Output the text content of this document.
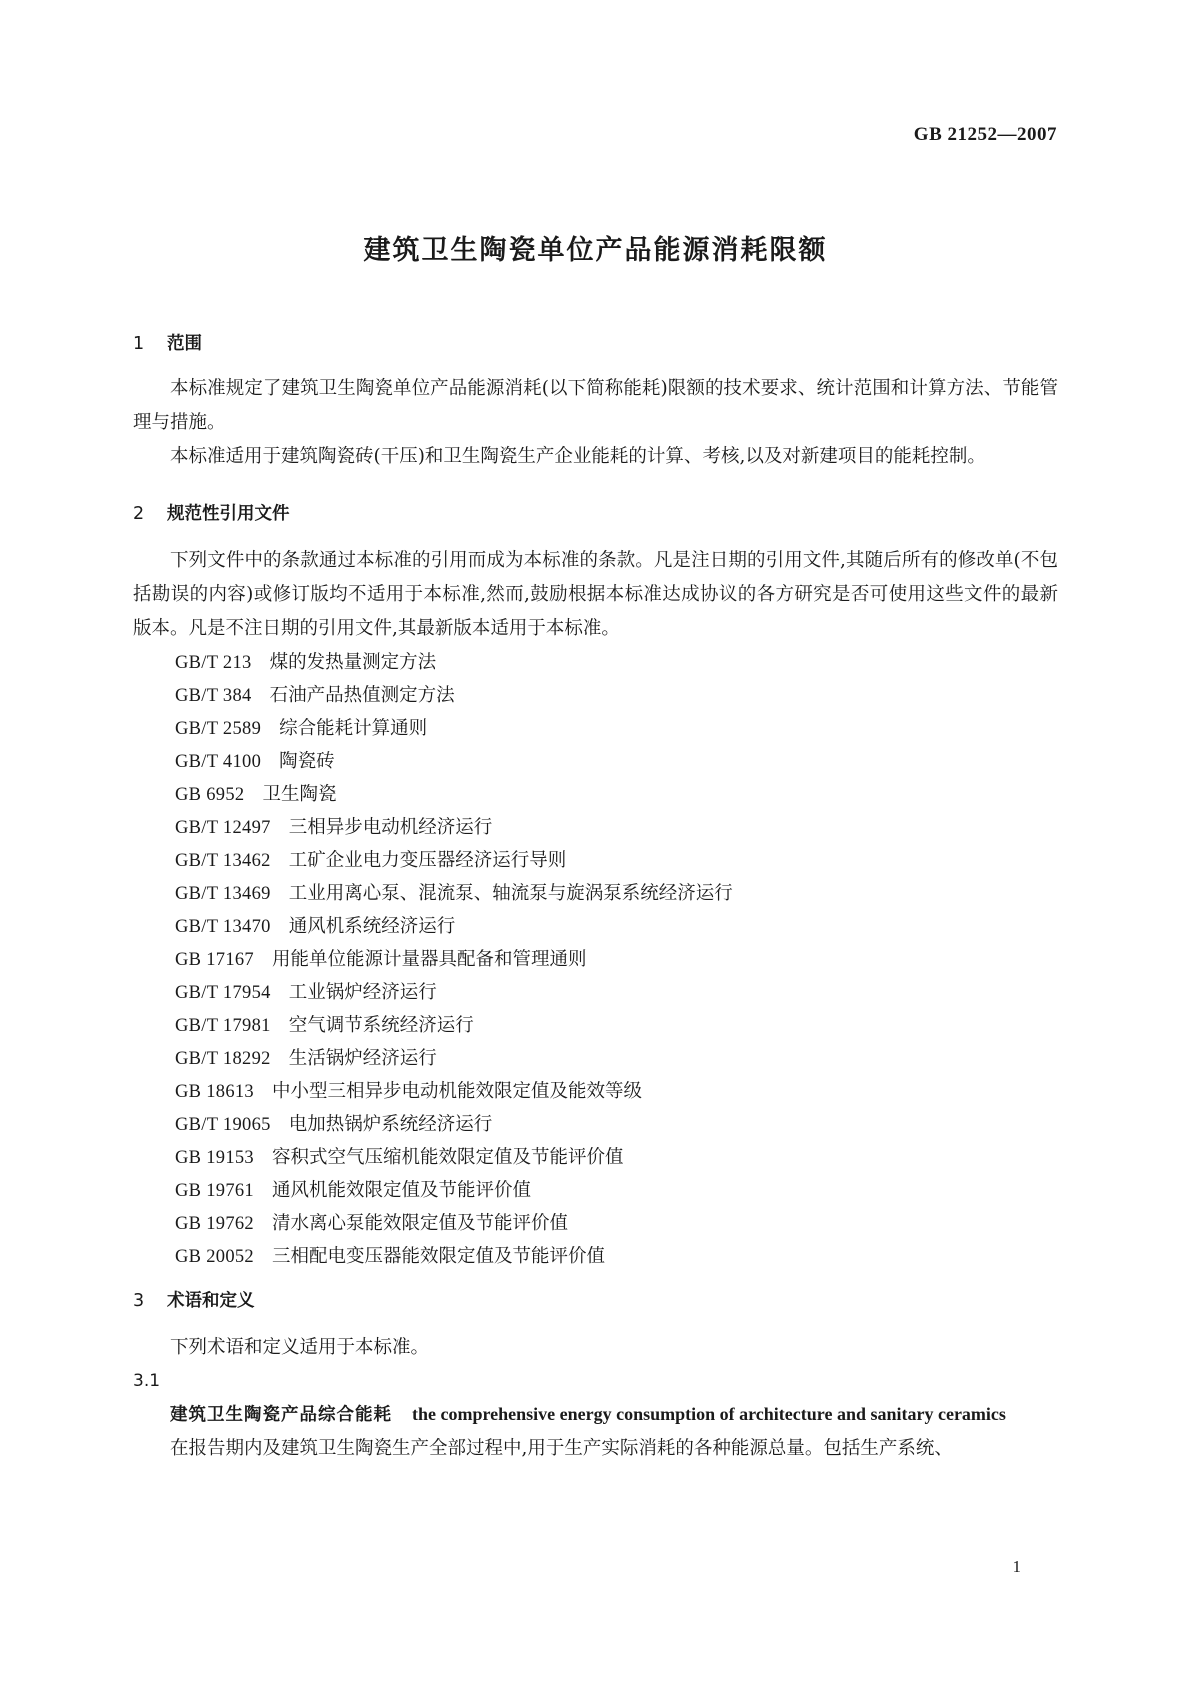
GB 21252—2007
建筑卫生陶瓷单位产品能源消耗限额
1 范围

本标准规定了建筑卫生陶瓷单位产品能源消耗(以下简称能耗)限额的技术要求、统计范围和计算方法、节能管理与措施。

本标准适用于建筑陶瓷砖(干压)和卫生陶瓷生产企业能耗的计算、考核,以及对新建项目的能耗控制。

2 规范性引用文件

下列文件中的条款通过本标准的引用而成为本标准的条款。凡是注日期的引用文件,其随后所有的修改单(不包括勘误的内容)或修订版均不适用于本标准,然而,鼓励根据本标准达成协议的各方研究是否可使用这些文件的最新版本。凡是不注日期的引用文件,其最新版本适用于本标准。

GB/T 213 煤的发热量测定方法
GB/T 384 石油产品热值测定方法
GB/T 2589 综合能耗计算通则
GB/T 4100 陶瓷砖
GB 6952 卫生陶瓷
GB/T 12497 三相异步电动机经济运行
GB/T 13462 工矿企业电力变压器经济运行导则
GB/T 13469 工业用离心泵、混流泵、轴流泵与旋涡泵系统经济运行
GB/T 13470 通风机系统经济运行
GB 17167 用能单位能源计量器具配备和管理通则
GB/T 17954 工业锅炉经济运行
GB/T 17981 空气调节系统经济运行
GB/T 18292 生活锅炉经济运行
GB 18613 中小型三相异步电动机能效限定值及能效等级
GB/T 19065 电加热锅炉系统经济运行
GB 19153 容积式空气压缩机能效限定值及节能评价值
GB 19761 通风机能效限定值及节能评价值
GB 19762 清水离心泵能效限定值及节能评价值
GB 20052 三相配电变压器能效限定值及节能评价值
3 术语和定义

下列术语和定义适用于本标准。

3.1

建筑卫生陶瓷产品综合能耗 the comprehensive energy consumption of architecture and sanitary ceramics

在报告期内及建筑卫生陶瓷生产全部过程中,用于生产实际消耗的各种能源总量。包括生产系统、

1
